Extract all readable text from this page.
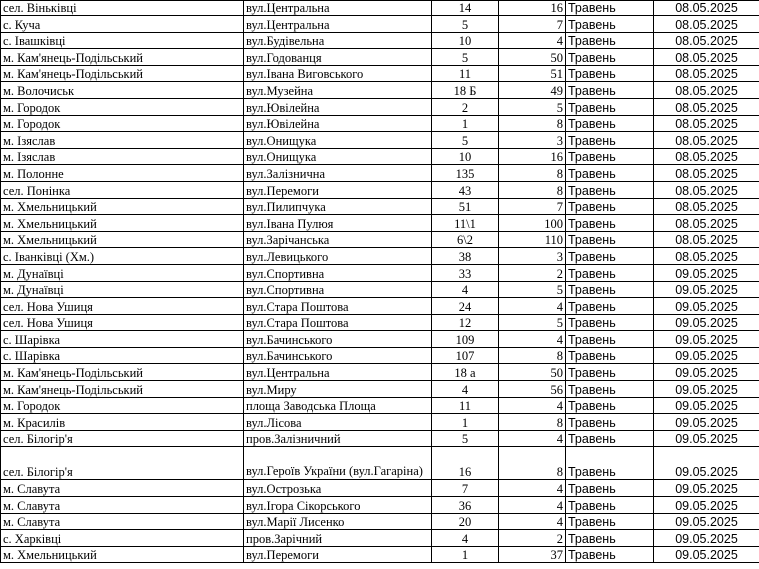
сел. Віньківці	вул.Центральна	14	16	Травень	08.05.2025
с. Куча	вул.Центральна	5	7	Травень	08.05.2025
с. Івашківці	вул.Будівельна	10	4	Травень	08.05.2025
м. Кам'янець-Подільський	вул.Годованця	5	50	Травень	08.05.2025
м. Кам'янець-Подільський	вул.Івана Виговського	11	51	Травень	08.05.2025
м. Волочиськ	вул.Музейна	18 Б	49	Травень	08.05.2025
м. Городок	вул.Ювілейна	2	5	Травень	08.05.2025
м. Городок	вул.Ювілейна	1	8	Травень	08.05.2025
м. Ізяслав	вул.Онищука	5	3	Травень	08.05.2025
м. Ізяслав	вул.Онищука	10	16	Травень	08.05.2025
м. Полонне	вул.Залізнична	135	8	Травень	08.05.2025
сел. Понінка	вул.Перемоги	43	8	Травень	08.05.2025
м. Хмельницький	вул.Пилипчука	51	7	Травень	08.05.2025
м. Хмельницький	вул.Івана Пулюя	11\1	100	Травень	08.05.2025
м. Хмельницький	вул.Зарічанська	6\2	110	Травень	08.05.2025
с. Іванківці (Хм.)	вул.Левицького	38	3	Травень	08.05.2025
м. Дунаївці	вул.Спортивна	33	2	Травень	09.05.2025
м. Дунаївці	вул.Спортивна	4	5	Травень	09.05.2025
сел. Нова Ушиця	вул.Стара Поштова	24	4	Травень	09.05.2025
сел. Нова Ушиця	вул.Стара Поштова	12	5	Травень	09.05.2025
с. Шарівка	вул.Бачинського	109	4	Травень	09.05.2025
с. Шарівка	вул.Бачинського	107	8	Травень	09.05.2025
м. Кам'янець-Подільський	вул.Центральна	18 а	50	Травень	09.05.2025
м. Кам'янець-Подільський	вул.Миру	4	56	Травень	09.05.2025
м. Городок	площа Заводська Площа	11	4	Травень	09.05.2025
м. Красилів	вул.Лісова	1	8	Травень	09.05.2025
сел. Білогір'я	пров.Залізничний	5	4	Травень	09.05.2025
сел. Білогір'я	вул.Героїв України (вул.Гагаріна)	16	8	Травень	09.05.2025
м. Славута	вул.Острозька	7	4	Травень	09.05.2025
м. Славута	вул.Ігора Сікорського	36	4	Травень	09.05.2025
м. Славута	вул.Марії Лисенко	20	4	Травень	09.05.2025
с. Харківці	пров.Зарічний	4	2	Травень	09.05.2025
м. Хмельницький	вул.Перемоги	1	37	Травень	09.05.2025
